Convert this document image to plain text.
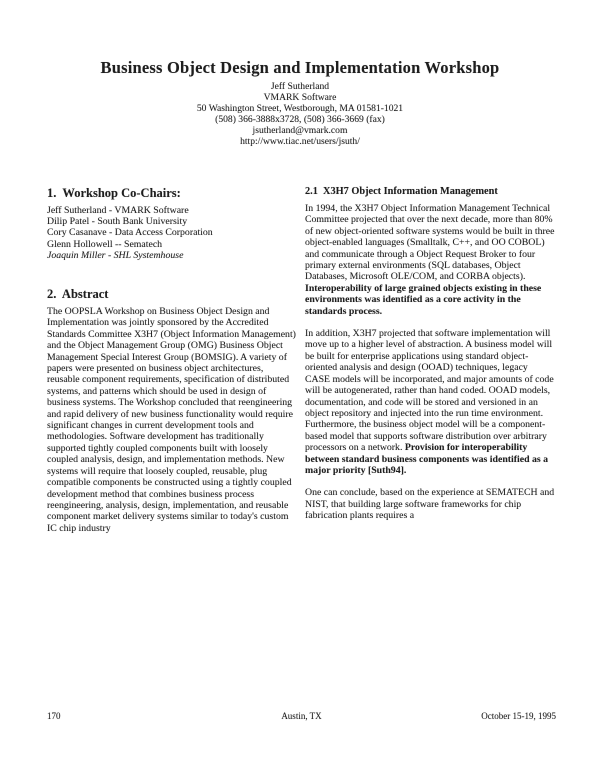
Business Object Design and Implementation Workshop
Jeff Sutherland
VMARK Software
50 Washington Street, Westborough, MA 01581-1021
(508) 366-3888x3728, (508) 366-3669 (fax)
jsutherland@vmark.com
http://www.tiac.net/users/jsuth/
1.  Workshop Co-Chairs:
Jeff Sutherland - VMARK Software
Dilip Patel - South Bank University
Cory Casanave - Data Access Corporation
Glenn Hollowell -- Sematech
Joaquin Miller - SHL Systemhouse
2.  Abstract

The OOPSLA Workshop on Business Object Design and Implementation was jointly sponsored by the Accredited Standards Committee X3H7 (Object Information Management) and the Object Management Group (OMG) Business Object Management Special Interest Group (BOMSIG). A variety of papers were presented on business object architectures, reusable component requirements, specification of distributed systems, and patterns which should be used in design of business systems. The Workshop concluded that reengineering and rapid delivery of new business functionality would require significant changes in current development tools and methodologies. Software development has traditionally supported tightly coupled components built with loosely coupled analysis, design, and implementation methods. New systems will require that loosely coupled, reusable, plug compatible components be constructed using a tightly coupled development method that combines business process reengineering, analysis, design, implementation, and reusable component market delivery systems similar to today's custom IC chip industry

2.1  X3H7 Object Information Management

In 1994, the X3H7 Object Information Management Technical Committee projected that over the next decade, more than 80% of new object-oriented software systems would be built in three object-enabled languages (Smalltalk, C++, and OO COBOL) and communicate through a Object Request Broker to four primary external environments (SQL databases, Object Databases, Microsoft OLE/COM, and CORBA objects). Interoperability of large grained objects existing in these environments was identified as a core activity in the standards process.

In addition, X3H7 projected that software implementation will move up to a higher level of abstraction. A business model will be built for enterprise applications using standard object-oriented analysis and design (OOAD) techniques, legacy CASE models will be incorporated, and major amounts of code will be autogenerated, rather than hand coded. OOAD models, documentation, and code will be stored and versioned in an object repository and injected into the run time environment. Furthermore, the business object model will be a component-based model that supports software distribution over arbitrary processors on a network. Provision for interoperability between standard business components was identified as a major priority [Suth94].

One can conclude, based on the experience at SEMATECH and NIST, that building large software frameworks for chip fabrication plants requires a

170	Austin, TX	October 15-19, 1995
